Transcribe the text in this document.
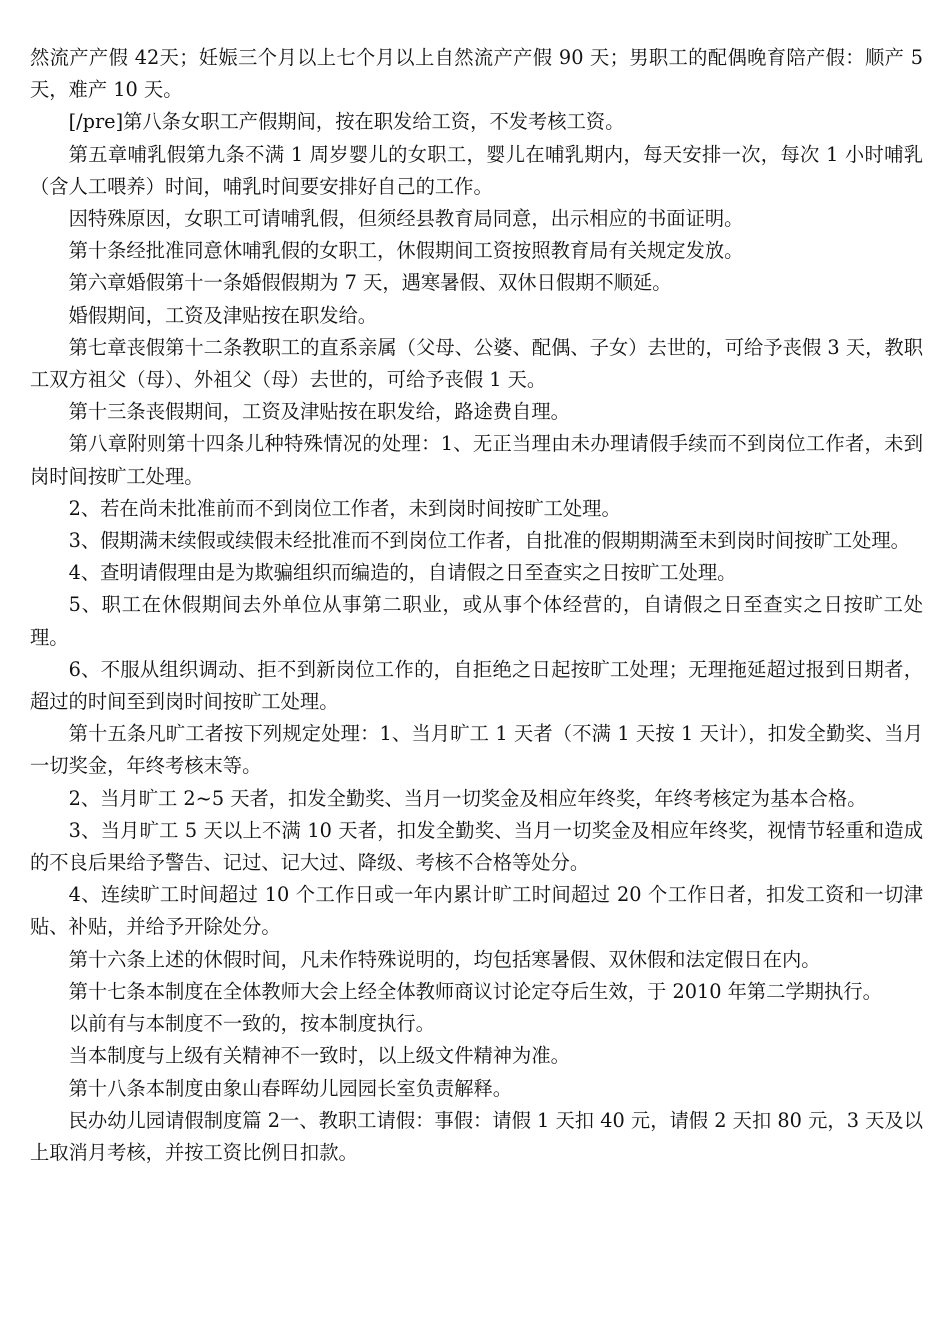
然流产产假 42天；妊娠三个月以上七个月以上自然流产产假 90 天；男职工的配偶晚育陪产假：顺产 5 天，难产 10 天。

[/pre]第八条女职工产假期间，按在职发给工资，不发考核工资。

第五章哺乳假第九条不满 1 周岁婴儿的女职工，婴儿在哺乳期内，每天安排一次，每次 1 小时哺乳（含人工喂养）时间，哺乳时间要安排好自己的工作。

因特殊原因，女职工可请哺乳假，但须经县教育局同意，出示相应的书面证明。

第十条经批准同意休哺乳假的女职工，休假期间工资按照教育局有关规定发放。

第六章婚假第十一条婚假假期为 7 天，遇寒暑假、双休日假期不顺延。

婚假期间，工资及津贴按在职发给。

第七章丧假第十二条教职工的直系亲属（父母、公婆、配偶、子女）去世的，可给予丧假 3 天，教职工双方祖父（母）、外祖父（母）去世的，可给予丧假 1 天。

第十三条丧假期间，工资及津贴按在职发给，路途费自理。

第八章附则第十四条儿种特殊情况的处理：1、无正当理由未办理请假手续而不到岗位工作者，未到岗时间按旷工处理。

2、若在尚未批准前而不到岗位工作者，未到岗时间按旷工处理。

3、假期满未续假或续假未经批准而不到岗位工作者，自批准的假期期满至未到岗时间按旷工处理。

4、查明请假理由是为欺骗组织而编造的，自请假之日至查实之日按旷工处理。

5、职工在休假期间去外单位从事第二职业，或从事个体经营的，自请假之日至查实之日按旷工处理。

6、不服从组织调动、拒不到新岗位工作的，自拒绝之日起按旷工处理；无理拖延超过报到日期者，超过的时间至到岗时间按旷工处理。

第十五条凡旷工者按下列规定处理：1、当月旷工 1 天者（不满 1 天按 1 天计），扣发全勤奖、当月一切奖金，年终考核末等。

2、当月旷工 2~5 天者，扣发全勤奖、当月一切奖金及相应年终奖，年终考核定为基本合格。

3、当月旷工 5 天以上不满 10 天者，扣发全勤奖、当月一切奖金及相应年终奖，视情节轻重和造成的不良后果给予警告、记过、记大过、降级、考核不合格等处分。

4、连续旷工时间超过 10 个工作日或一年内累计旷工时间超过 20 个工作日者，扣发工资和一切津贴、补贴，并给予开除处分。

第十六条上述的休假时间，凡未作特殊说明的，均包括寒暑假、双休假和法定假日在内。

第十七条本制度在全体教师大会上经全体教师商议讨论定夺后生效，于 2010 年第二学期执行。

以前有与本制度不一致的，按本制度执行。

当本制度与上级有关精神不一致时，以上级文件精神为准。

第十八条本制度由象山春晖幼儿园园长室负责解释。

民办幼儿园请假制度篇 2一、教职工请假：事假：请假 1 天扣 40 元，请假 2 天扣 80 元，3 天及以上取消月考核，并按工资比例日扣款。
